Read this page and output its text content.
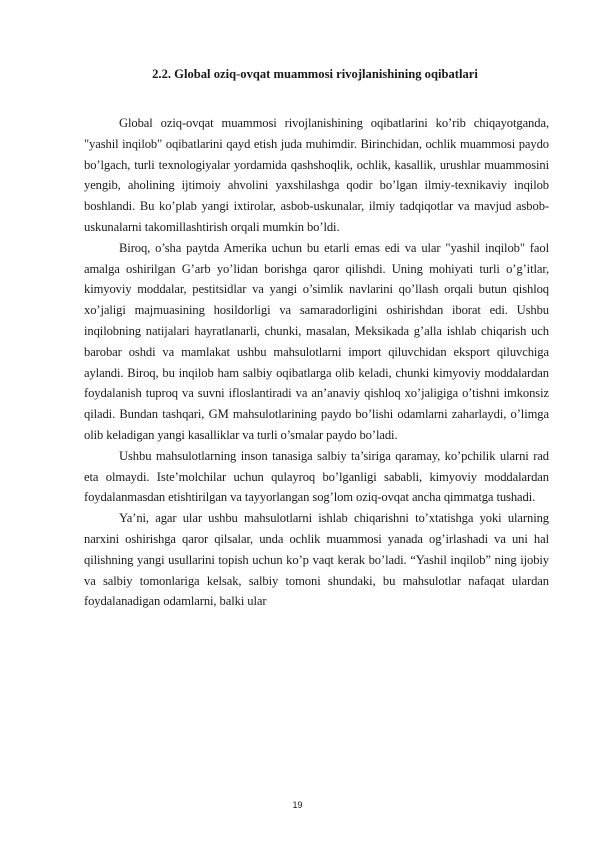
2.2. Global oziq-ovqat muammosi rivojlanishining oqibatlari

Global oziq-ovqat muammosi rivojlanishining oqibatlarini ko’rib chiqayotganda, "yashil inqilob" oqibatlarini qayd etish juda muhimdir. Birinchidan, ochlik muammosi paydo bo’lgach, turli texnologiyalar yordamida qashshoqlik, ochlik, kasallik, urushlar muammosini yengib, aholining ijtimoiy ahvolini yaxshilashga qodir bo’lgan ilmiy-texnikaviy inqilob boshlandi. Bu ko’plab yangi ixtirolar, asbob-uskunalar, ilmiy tadqiqotlar va mavjud asbob-uskunalarni takomillashtirish orqali mumkin bo’ldi.

Biroq, o’sha paytda Amerika uchun bu etarli emas edi va ular "yashil inqilob" faol amalga oshirilgan G’arb yo’lidan borishga qaror qilishdi. Uning mohiyati turli o’g’itlar, kimyoviy moddalar, pestitsidlar va yangi o’simlik navlarini qo’llash orqali butun qishloq xo’jaligi majmuasining hosildorligi va samaradorligini oshirishdan iborat edi. Ushbu inqilobning natijalari hayratlanarli, chunki, masalan, Meksikada g’alla ishlab chiqarish uch barobar oshdi va mamlakat ushbu mahsulotlarni import qiluvchidan eksport qiluvchiga aylandi. Biroq, bu inqilob ham salbiy oqibatlarga olib keladi, chunki kimyoviy moddalardan foydalanish tuproq va suvni ifloslantiradi va an’anaviy qishloq xo’jaligiga o’tishni imkonsiz qiladi. Bundan tashqari, GM mahsulotlarining paydo bo’lishi odamlarni zaharlaydi, o’limga olib keladigan yangi kasalliklar va turli o’smalar paydo bo’ladi.

Ushbu mahsulotlarning inson tanasiga salbiy ta’siriga qaramay, ko’pchilik ularni rad eta olmaydi. Iste’molchilar uchun qulayroq bo’lganligi sababli, kimyoviy moddalardan foydalanmasdan etishtirilgan va tayyorlangan sog’lom oziq-ovqat ancha qimmatga tushadi.

Ya’ni, agar ular ushbu mahsulotlarni ishlab chiqarishni to’xtatishga yoki ularning narxini oshirishga qaror qilsalar, unda ochlik muammosi yanada og’irlashadi va uni hal qilishning yangi usullarini topish uchun ko’p vaqt kerak bo’ladi. “Yashil inqilob” ning ijobiy va salbiy tomonlariga kelsak, salbiy tomoni shundaki, bu mahsulotlar nafaqat ulardan foydalanadigan odamlarni, balki ular

19
